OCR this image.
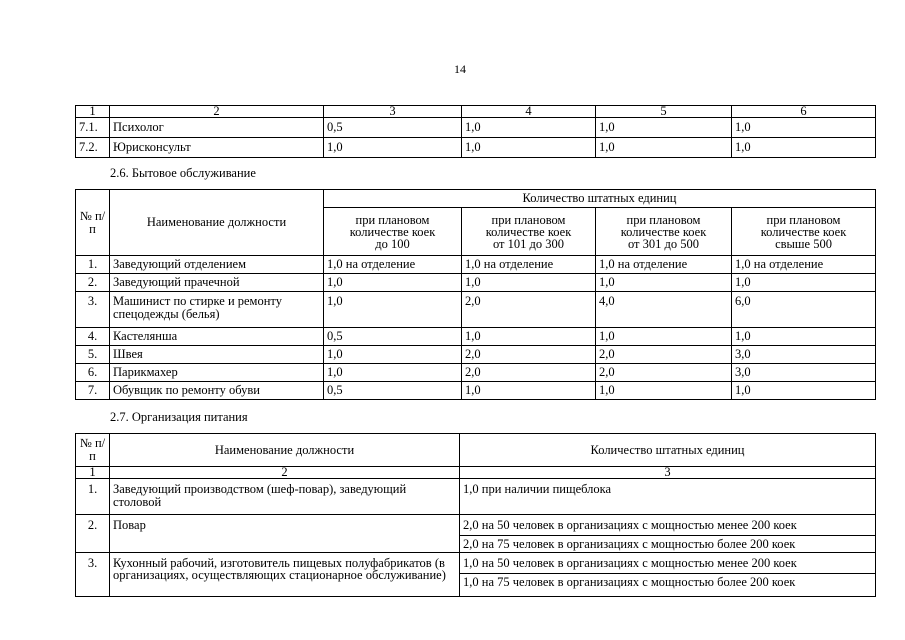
14
1	2	3	4	5	6
7.1.	Психолог	0,5	1,0	1,0	1,0
7.2.	Юрисконсульт	1,0	1,0	1,0	1,0
2.6. Бытовое обслуживание
№ п/п	Наименование должности	Количество штатных единиц			

		при плановом
количестве коек
до 100	при плановом
количестве коек
от 101 до 300	при плановом
количестве коек
от 301 до 500	при плановом
количестве коек
свыше 500

1.	Заведующий отделением	1,0 на отделение	1,0 на отделение	1,0 на отделение	1,0 на отделение
2.	Заведующий прачечной	1,0	1,0	1,0	1,0
3.	Машинист по стирке и ремонту спецодежды (белья)	1,0	2,0	4,0	6,0
4.	Кастелянша	0,5	1,0	1,0	1,0
5.	Швея	1,0	2,0	2,0	3,0
6.	Парикмахер	1,0	2,0	2,0	3,0
7.	Обувщик по ремонту обуви	0,5	1,0	1,0	1,0
2.7. Организация питания
№ п/п	Наименование должности	Количество штатных единиц
1	2	3
1.	Заведующий производством (шеф-повар), заведующий столовой	1,0 при наличии пищеблока
2.	Повар	2,0 на 50 человек в организациях с мощностью менее 200 коек
2,0 на 75 человек в организациях с мощностью более 200 коек

3.	Кухонный рабочий, изготовитель пищевых полуфабрикатов (в организациях, осуществляющих стационарное обслуживание)	1,0 на 50 человек в организациях с мощностью менее 200 коек
1,0 на 75 человек в организациях с мощностью более 200 коек
